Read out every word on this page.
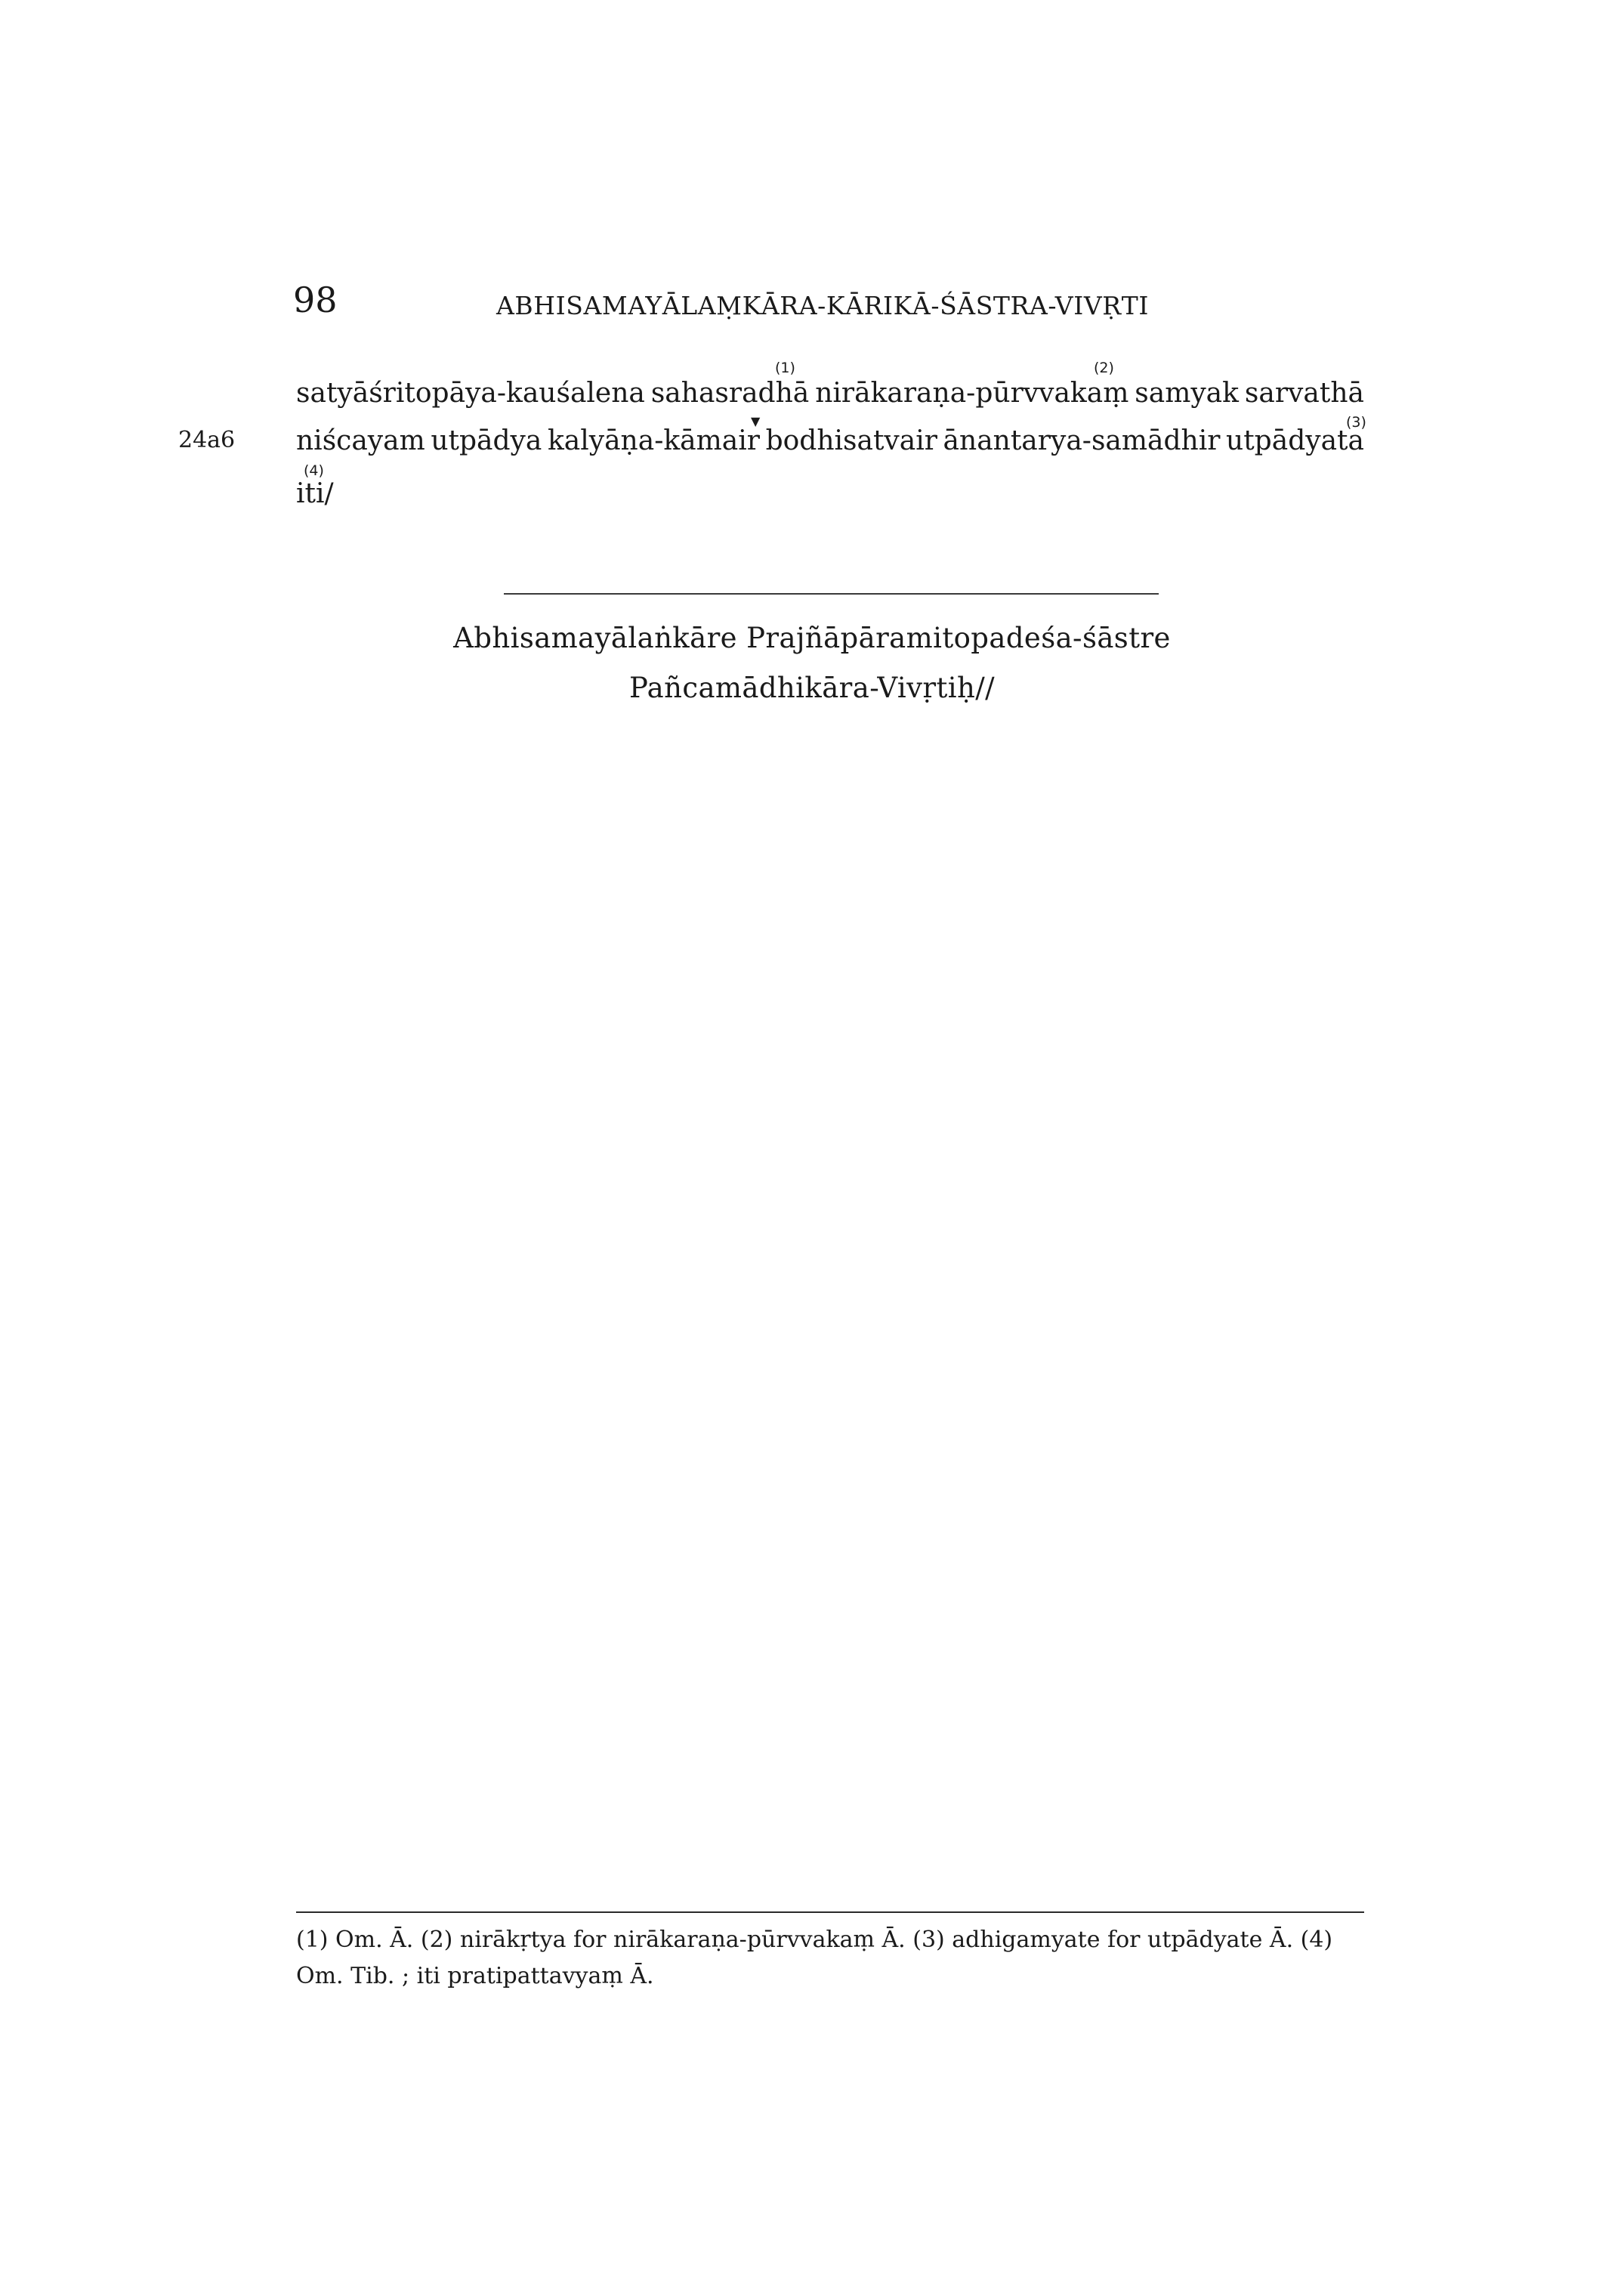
98	ABHISAMAYĀLAṂKĀRA-KĀRIKĀ-ŚĀSTRA-VIVṚTI
(1)	(2)
▼	(3)
(4)
satyāśritopāya-kauśalena sahasradhā nirākaraṇa-pūrvvakaṃ samyak sarvathā
24a6 niścayam utpādya kalyāṇa-kāmair bodhisatvair ānantarya-samādhir utpādyata
iti/
Abhisamayālaṅkāre Prajñāpāramitopadeśa-śāstre
Pañcamādhikāra-Vivṛtiḥ//
(1) Om. Ā. (2) nirākṛtya for nirākaraṇa-pūrvvakaṃ Ā. (3) adhigamyate for utpādyate Ā. (4)
Om. Tib. ; iti pratipattavyaṃ Ā.
